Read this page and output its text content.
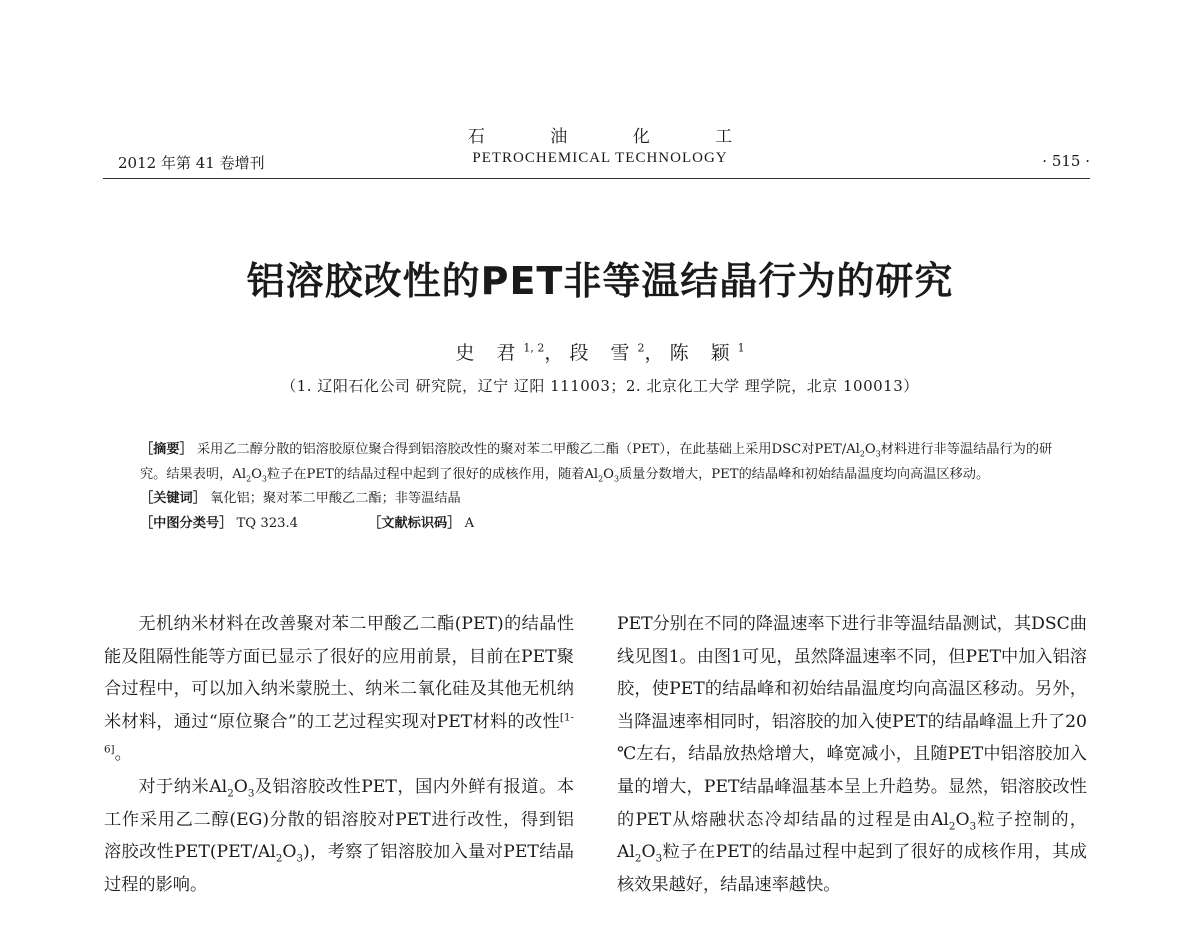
石 油 化 工
PETROCHEMICAL TECHNOLOGY
2012 年第 41 卷增刊	· 515 ·
铝溶胶改性的PET非等温结晶行为的研究
史 君$^{1, 2}$， 段 雪$^2$， 陈 颖$^1$
（1. 辽阳石化公司 研究院，辽宁 辽阳 111003；2. 北京化工大学 理学院，北京 100013）

［摘要］ 采用乙二醇分散的铝溶胶原位聚合得到铝溶胶改性的聚对苯二甲酸乙二酯（PET），在此基础上采用DSC对PET/$Al_2O_3$材料进行非等温结晶行为的研究。结果表明，$Al_2O_3$粒子在PET的结晶过程中起到了很好的成核作用，随着$Al_2O_3$质量分数增大，PET的结晶峰和初始结晶温度均向高温区移动。

［关键词］ 氧化铝；聚对苯二甲酸乙二酯；非等温结晶

［中图分类号］ TQ 323.4	［文献标识码］ A

无机纳米材料在改善聚对苯二甲酸乙二酯(PET)的结晶性能及阻隔性能等方面已显示了很好的应用前景，目前在PET聚合过程中，可以加入纳米蒙脱土、纳米二氧化硅及其他无机纳米材料，通过“原位聚合”的工艺过程实现对PET材料的改性[1-6]。

对于纳米$Al_2O_3$及铝溶胶改性PET，国内外鲜有报道。本工作采用乙二醇(EG)分散的铝溶胶对PET进行改性，得到铝溶胶改性$PET(PET/Al_2O_3)$，考察了铝溶胶加入量对PET结晶过程的影响。

PET分别在不同的降温速率下进行非等温结晶测试，其DSC曲线见图1。由图1可见，虽然降温速率不同，但PET中加入铝溶胶，使PET的结晶峰和初始结晶温度均向高温区移动。另外，当降温速率相同时，铝溶胶的加入使PET的结晶峰温上升了20 ℃左右，结晶放热焓增大，峰宽减小，且随PET中铝溶胶加入量的增大，PET结晶峰温基本呈上升趋势。显然，铝溶胶改性的PET从熔融状态冷却结晶的过程是由$Al_2O_3$粒子控制的，$Al_2O_3$粒子在PET的结晶过程中起到了很好的成核作用，其成核效果越好，结晶速率越快。
